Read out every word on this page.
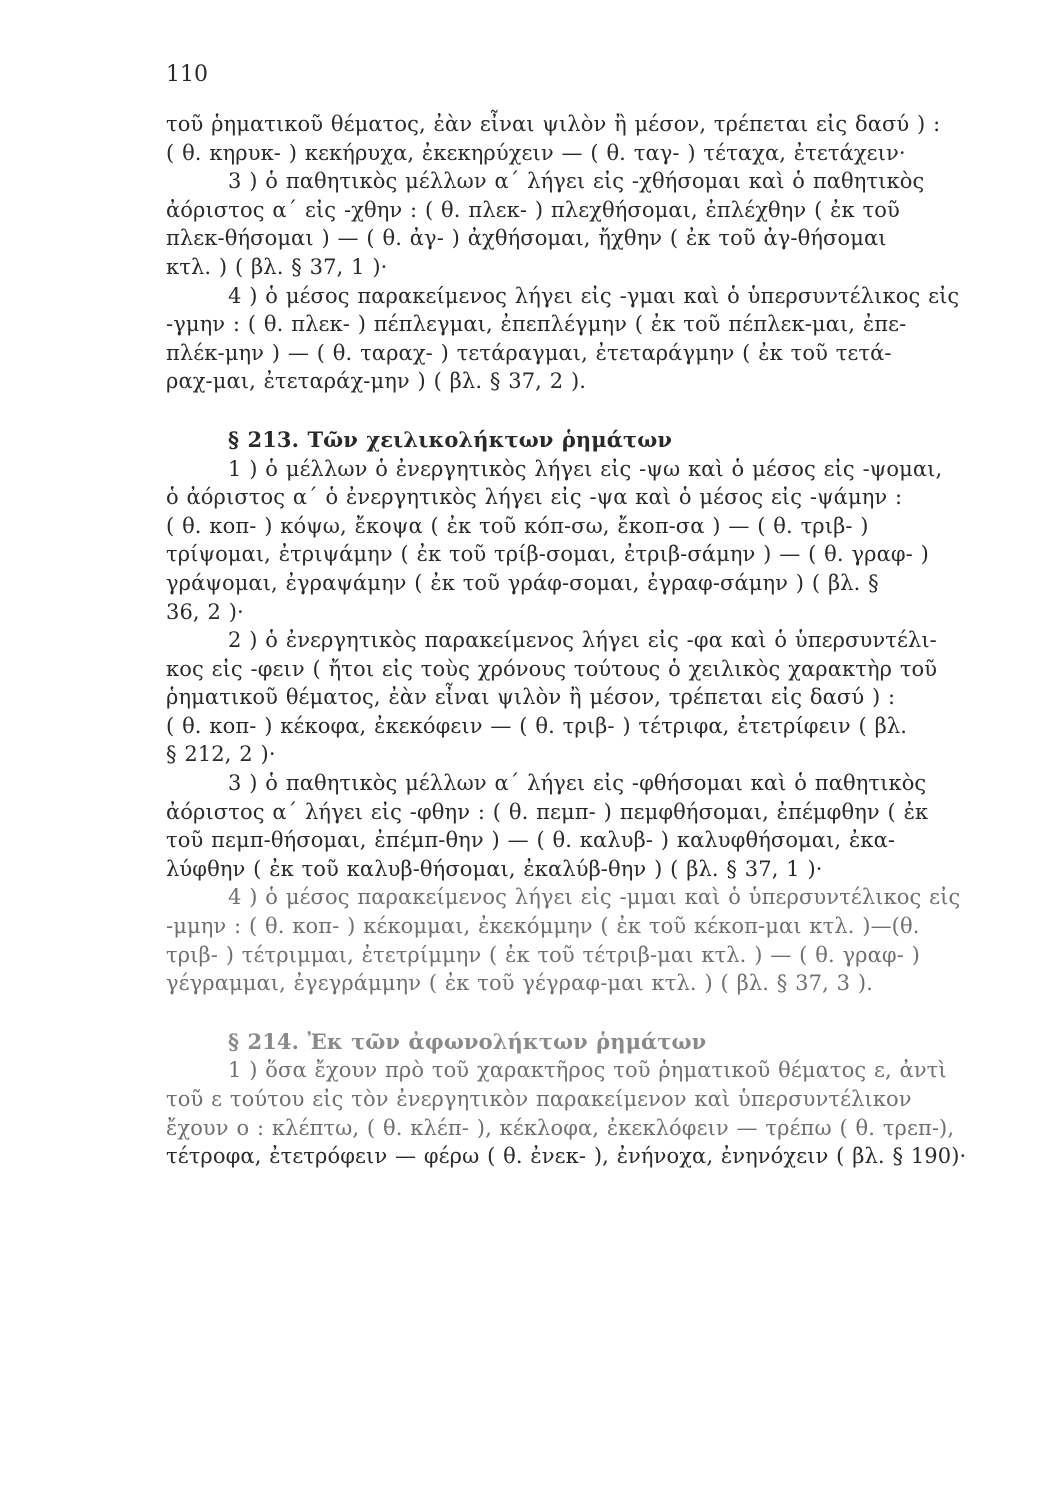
110
τοῦ ῥηματικοῦ θέματος, ἐὰν εἶναι ψιλὸν ἢ μέσον, τρέπεται εἰς δασύ ) :
( θ. κηρυκ- ) κεκήρυχα, ἐκεκηρύχειν — ( θ. ταγ- ) τέταχα, ἐτετάχειν·
3 ) ὁ παθητικὸς μέλλων α΄ λήγει εἰς -χθήσομαι καὶ ὁ παθητικὸς
ἀόριστος α΄ εἰς -χθην : ( θ. πλεκ- ) πλεχθήσομαι, ἐπλέχθην ( ἐκ τοῦ
πλεκ-θήσομαι ) — ( θ. ἀγ- ) ἀχθήσομαι, ἤχθην ( ἐκ τοῦ ἀγ-θήσομαι
κτλ. ) ( βλ. § 37, 1 )·
4 ) ὁ μέσος παρακείμενος λήγει εἰς -γμαι καὶ ὁ ὑπερσυντέλικος εἰς
-γμην : ( θ. πλεκ- ) πέπλεγμαι, ἐπεπλέγμην ( ἐκ τοῦ πέπλεκ-μαι, ἐπε-
πλέκ-μην ) — ( θ. ταραχ- ) τετάραγμαι, ἐτεταράγμην ( ἐκ τοῦ τετά-
ραχ-μαι, ἐτεταράχ-μην ) ( βλ. § 37, 2 ).
§ 213. Τῶν χειλικολήκτων ῥημάτων
1 ) ὁ μέλλων ὁ ἐνεργητικὸς λήγει εἰς -ψω καὶ ὁ μέσος εἰς -ψομαι,
ὁ ἀόριστος α΄ ὁ ἐνεργητικὸς λήγει εἰς -ψα καὶ ὁ μέσος εἰς -ψάμην :
( θ. κοπ- ) κόψω, ἔκοψα ( ἐκ τοῦ κόπ-σω, ἔκοπ-σα ) — ( θ. τριβ- )
τρίψομαι, ἐτριψάμην ( ἐκ τοῦ τρίβ-σομαι, ἐτριβ-σάμην ) — ( θ. γραφ- )
γράψομαι, ἐγραψάμην ( ἐκ τοῦ γράφ-σομαι, ἐγραφ-σάμην ) ( βλ. §
36, 2 )·
2 ) ὁ ἐνεργητικὸς παρακείμενος λήγει εἰς -φα καὶ ὁ ὑπερσυντέλι-
κος εἰς -φειν ( ἤτοι εἰς τοὺς χρόνους τούτους ὁ χειλικὸς χαρακτὴρ τοῦ
ῥηματικοῦ θέματος, ἐὰν εἶναι ψιλὸν ἢ μέσον, τρέπεται εἰς δασύ ) :
( θ. κοπ- ) κέκοφα, ἐκεκόφειν — ( θ. τριβ- ) τέτριφα, ἐτετρίφειν ( βλ.
§ 212, 2 )·
3 ) ὁ παθητικὸς μέλλων α΄ λήγει εἰς -φθήσομαι καὶ ὁ παθητικὸς
ἀόριστος α΄ λήγει εἰς -φθην : ( θ. πεμπ- ) πεμφθήσομαι, ἐπέμφθην ( ἐκ
τοῦ πεμπ-θήσομαι, ἐπέμπ-θην ) — ( θ. καλυβ- ) καλυφθήσομαι, ἐκα-
λύφθην ( ἐκ τοῦ καλυβ-θήσομαι, ἐκαλύβ-θην ) ( βλ. § 37, 1 )·
4 ) ὁ μέσος παρακείμενος λήγει εἰς -μμαι καὶ ὁ ὑπερσυντέλικος εἰς
-μμην : ( θ. κοπ- ) κέκομμαι, ἐκεκόμμην ( ἐκ τοῦ κέκοπ-μαι κτλ. )—(θ.
τριβ- ) τέτριμμαι, ἐτετρίμμην ( ἐκ τοῦ τέτριβ-μαι κτλ. ) — ( θ. γραφ- )
γέγραμμαι, ἐγεγράμμην ( ἐκ τοῦ γέγραφ-μαι κτλ. ) ( βλ. § 37, 3 ).
§ 214. Ἐκ τῶν ἀφωνολήκτων ῥημάτων
1 ) ὅσα ἔχουν πρὸ τοῦ χαρακτῆρος τοῦ ῥηματικοῦ θέματος ε, ἀντὶ
τοῦ ε τούτου εἰς τὸν ἐνεργητικὸν παρακείμενον καὶ ὑπερσυντέλικον
ἔχουν ο : κλέπτω, ( θ. κλέπ- ), κέκλοφα, ἐκεκλόφειν — τρέπω ( θ. τρεπ-),
τέτροφα, ἐτετρόφειν — φέρω ( θ. ἐνεκ- ), ἐνήνοχα, ἐνηνόχειν ( βλ. § 190)·
